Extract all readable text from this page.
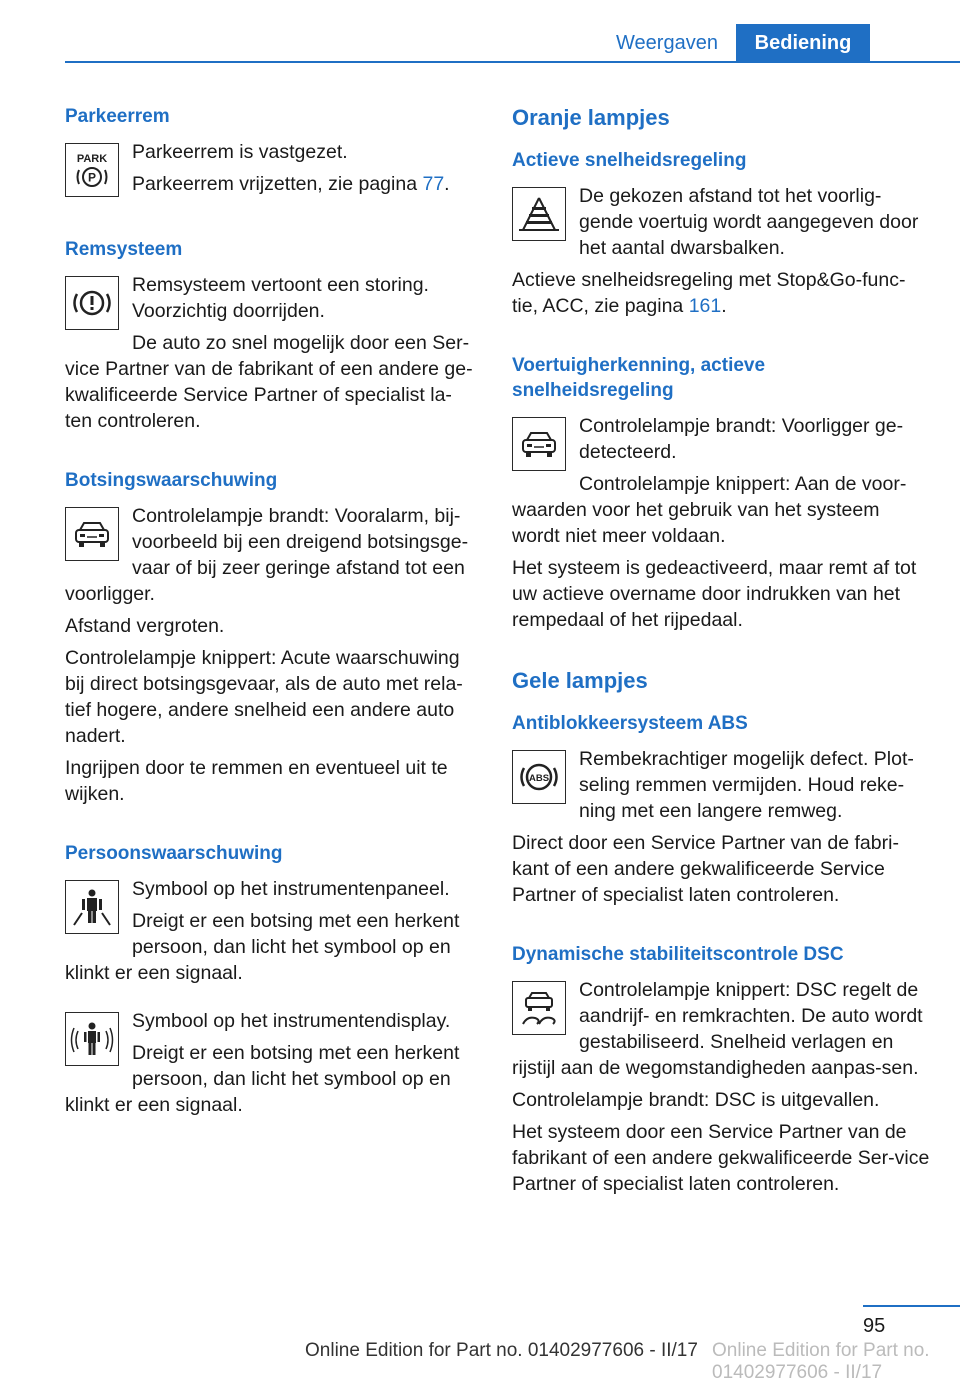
Weergaven	Bediening
Parkeerrem
PARK
P

Parkeerrem is vastgezet.

Parkeerrem vrijzetten, zie pagina 77.

Remsysteem

Remsysteem vertoont een storing. Voorzichtig doorrijden.

De auto zo snel mogelijk door een Ser-vice Partner van de fabrikant of een andere ge-kwalificeerde Service Partner of specialist la-ten controleren.

Botsingswaarschuwing

Controlelampje brandt: Vooralarm, bij-voorbeeld bij een dreigend botsingsge-vaar of bij zeer geringe afstand tot een voorligger.

Afstand vergroten.

Controlelampje knippert: Acute waarschuwing bij direct botsingsgevaar, als de auto met rela-tief hogere, andere snelheid een andere auto nadert.

Ingrijpen door te remmen en eventueel uit te wijken.

Persoonswaarschuwing

Symbool op het instrumentenpaneel.

Dreigt er een botsing met een herkent persoon, dan licht het symbool op en klinkt er een signaal.

Symbool op het instrumentendisplay.

Dreigt er een botsing met een herkent persoon, dan licht het symbool op en klinkt er een signaal.

Oranje lampjes
Actieve snelheidsregeling

De gekozen afstand tot het voorlig-gende voertuig wordt aangegeven door het aantal dwarsbalken.

Actieve snelheidsregeling met Stop&Go-func-tie, ACC, zie pagina 161.

Voertuigherkenning, actieve snelheidsregeling

Controlelampje brandt: Voorligger ge-detecteerd.

Controlelampje knippert: Aan de voor-waarden voor het gebruik van het systeem wordt niet meer voldaan.

Het systeem is gedeactiveerd, maar remt af tot uw actieve overname door indrukken van het rempedaal of het rijpedaal.

Gele lampjes
Antiblokkeersysteem ABS
ABS

Rembekrachtiger mogelijk defect. Plot-seling remmen vermijden. Houd reke-ning met een langere remweg.

Direct door een Service Partner van de fabri-kant of een andere gekwalificeerde Service Partner of specialist laten controleren.

Dynamische stabiliteitscontrole DSC

Controlelampje knippert: DSC regelt de aandrijf- en remkrachten. De auto wordt gestabiliseerd. Snelheid verlagen en rijstijl aan de wegomstandigheden aanpas-sen.

Controlelampje brandt: DSC is uitgevallen.

Het systeem door een Service Partner van de fabrikant of een andere gekwalificeerde Ser-vice Partner of specialist laten controleren.

95
Online Edition for Part no. 01402977606 - II/17 Online Edition for Part no. 01402977606 - II/17
